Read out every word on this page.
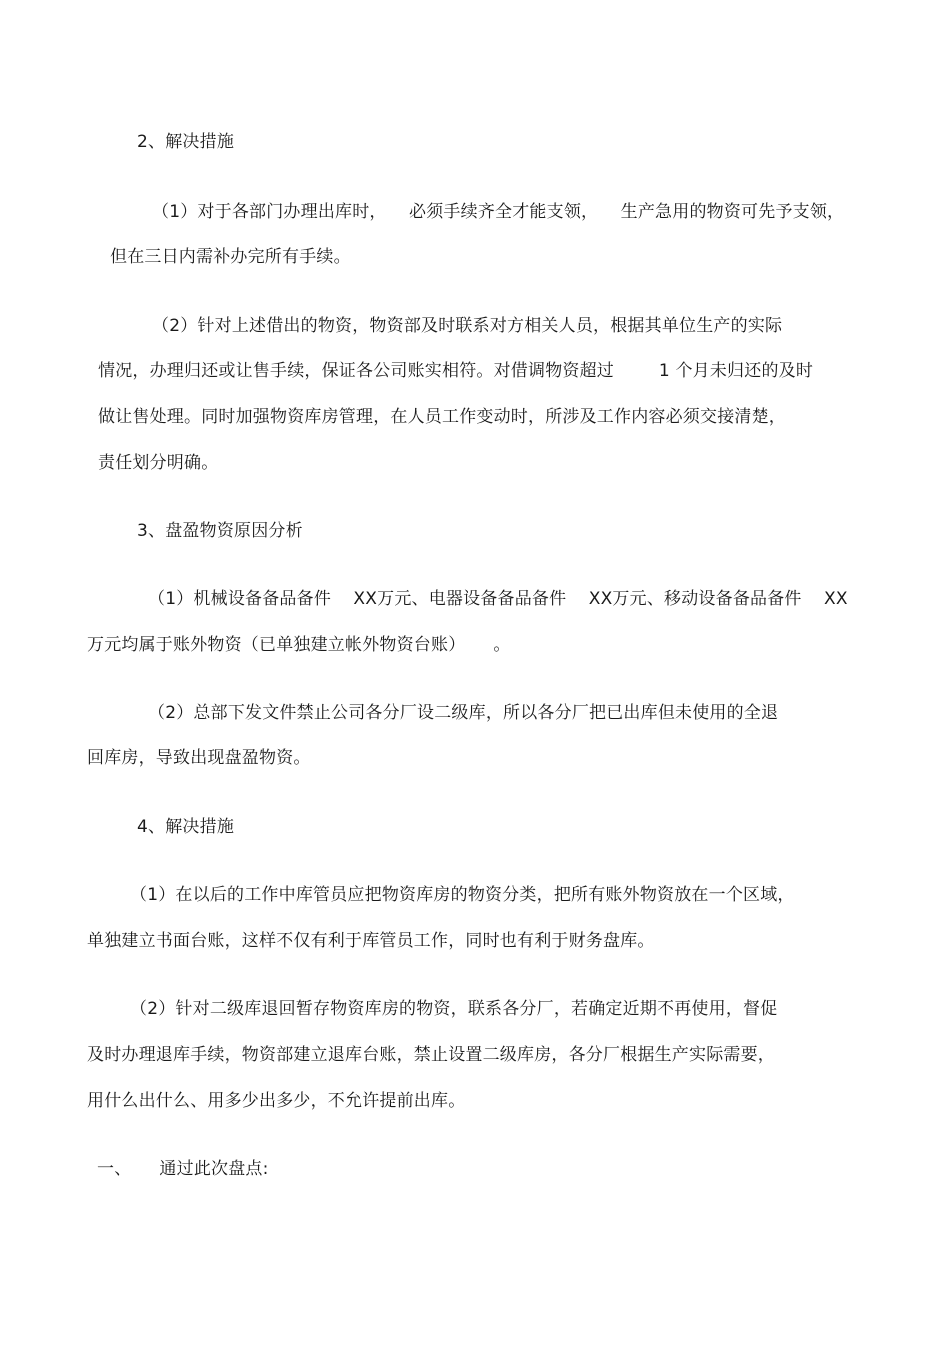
2、解决措施
（1）对于各部门办理出库时，    必须手续齐全才能支领，    生产急用的物资可先予支领，
但在三日内需补办完所有手续。
（2）针对上述借出的物资，物资部及时联系对方相关人员，根据其单位生产的实际
情况，办理归还或让售手续，保证各公司账实相符。对借调物资超过        1 个月未归还的及时
做让售处理。同时加强物资库房管理，在人员工作变动时，所涉及工作内容必须交接清楚，
责任划分明确。
3、盘盈物资原因分析
（1）机械设备备品备件    XX万元、电器设备备品备件    XX万元、移动设备备品备件    XX
万元均属于账外物资（已单独建立帐外物资台账）     。
（2）总部下发文件禁止公司各分厂设二级库，所以各分厂把已出库但未使用的全退
回库房，导致出现盘盈物资。
4、解决措施
（1）在以后的工作中库管员应把物资库房的物资分类，把所有账外物资放在一个区域，
单独建立书面台账，这样不仅有利于库管员工作，同时也有利于财务盘库。
（2）针对二级库退回暂存物资库房的物资，联系各分厂，若确定近期不再使用，督促
及时办理退库手续，物资部建立退库台账，禁止设置二级库房，各分厂根据生产实际需要，
用什么出什么、用多少出多少，不允许提前出库。
一、     通过此次盘点:
